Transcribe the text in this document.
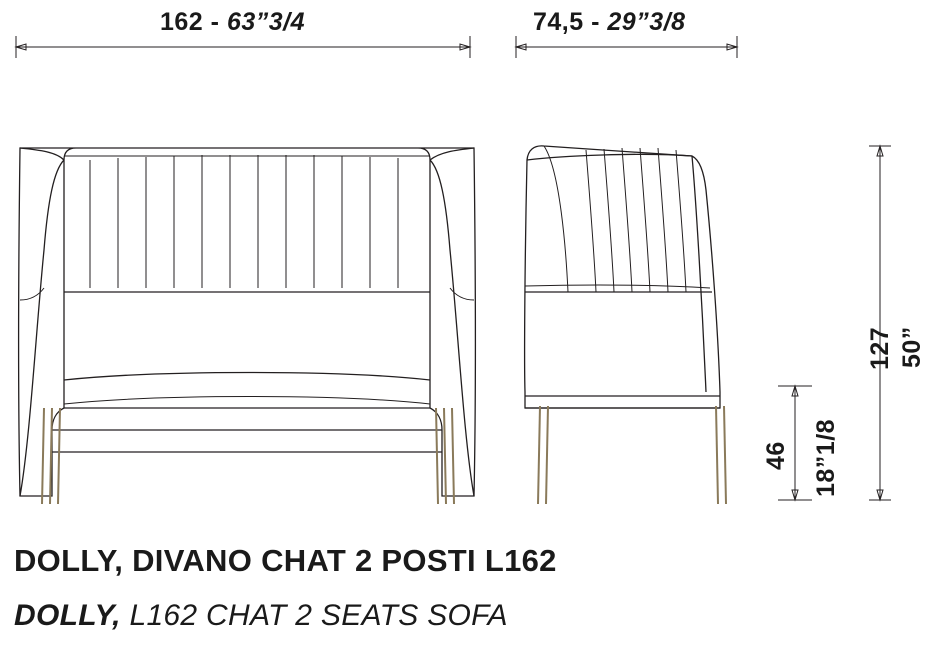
162 - 63”3/4	74,5 - 29”3/8
127 50”
46 18”1/8
DOLLY, DIVANO CHAT 2 POSTI L162
DOLLY, L162 CHAT 2 SEATS SOFA
